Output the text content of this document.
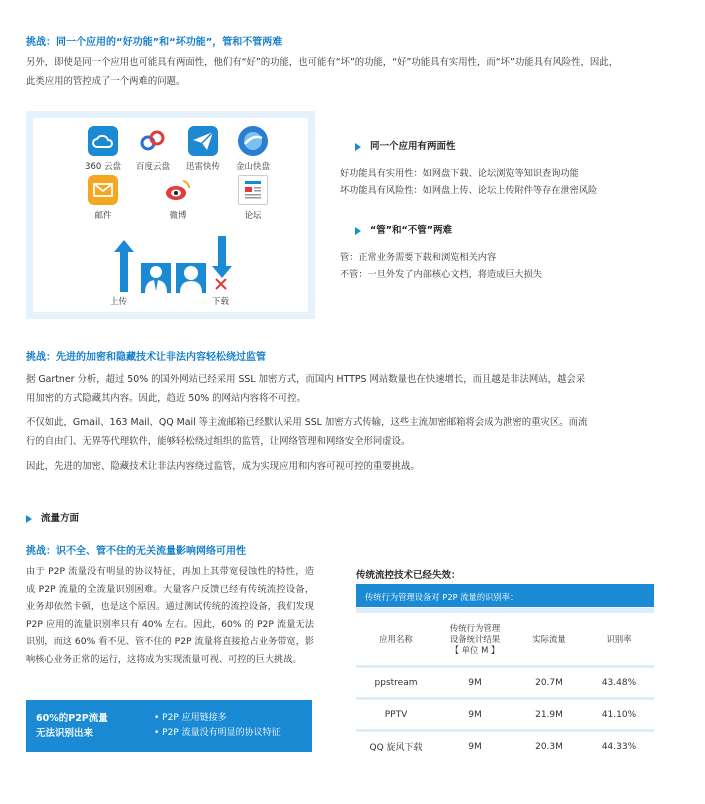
挑战：同一个应用的“好功能”和“坏功能”，管和不管两难
另外，即使是同一个应用也可能具有两面性，他们有“好”的功能，也可能有“坏”的功能，“好”功能具有实用性，而“坏”功能具有风险性，因此，
此类应用的管控成了一个两难的问题。
360 云盘	百度云盘	迅雷快传	金山快盘
邮件	微博	论坛
上传	下载
同一个应用有两面性
好功能具有实用性：如网盘下载、论坛浏览等知识查询功能
坏功能具有风险性：如网盘上传、论坛上传附件等存在泄密风险
“管”和“不管”两难
管：正常业务需要下载和浏览相关内容
不管：一旦外发了内部核心文档，将造成巨大损失
挑战：先进的加密和隐藏技术让非法内容轻松绕过监管
据 Gartner 分析，超过 50% 的国外网站已经采用 SSL 加密方式，而国内 HTTPS 网站数量也在快速增长，而且越是非法网站，越会采
用加密的方式隐藏其内容。因此，趋近 50% 的网站内容将不可控。
不仅如此，Gmail、163 Mail、QQ Mail 等主流邮箱已经默认采用 SSL 加密方式传输，这些主流加密邮箱将会成为泄密的重灾区。而流
行的自由门、无界等代理软件，能够轻松绕过组织的监管，让网络管理和网络安全形同虚设。
因此，先进的加密、隐藏技术让非法内容绕过监管，成为实现应用和内容可视可控的重要挑战。
流量方面
挑战：识不全、管不住的无关流量影响网络可用性
由于 P2P 流量没有明显的协议特征，再加上其带宽侵蚀性的特性，造成 P2P 流量的全流量识别困难。大量客户反馈已经有传统流控设备，业务却依然卡顿，也是这个原因。通过测试传统的流控设备，我们发现 P2P 应用的流量识别率只有 40% 左右。因此，60% 的 P2P 流量无法识别，而这 60% 看不见、管不住的 P2P 流量将直接抢占业务带宽，影响核心业务正常的运行，这将成为实现流量可视、可控的巨大挑战。
60%的P2P流量
无法识别出来
• P2P 应用链接多
• P2P 流量没有明显的协议特征
传统流控技术已经失效：
传统行为管理设备对 P2P 流量的识别率：
应用名称	传统行为管理
设备统计结果
【 单位 M 】	实际流量	识别率
ppstream	9M	20.7M	43.48%
PPTV	9M	21.9M	41.10%
QQ 旋风下载	9M	20.3M	44.33%
